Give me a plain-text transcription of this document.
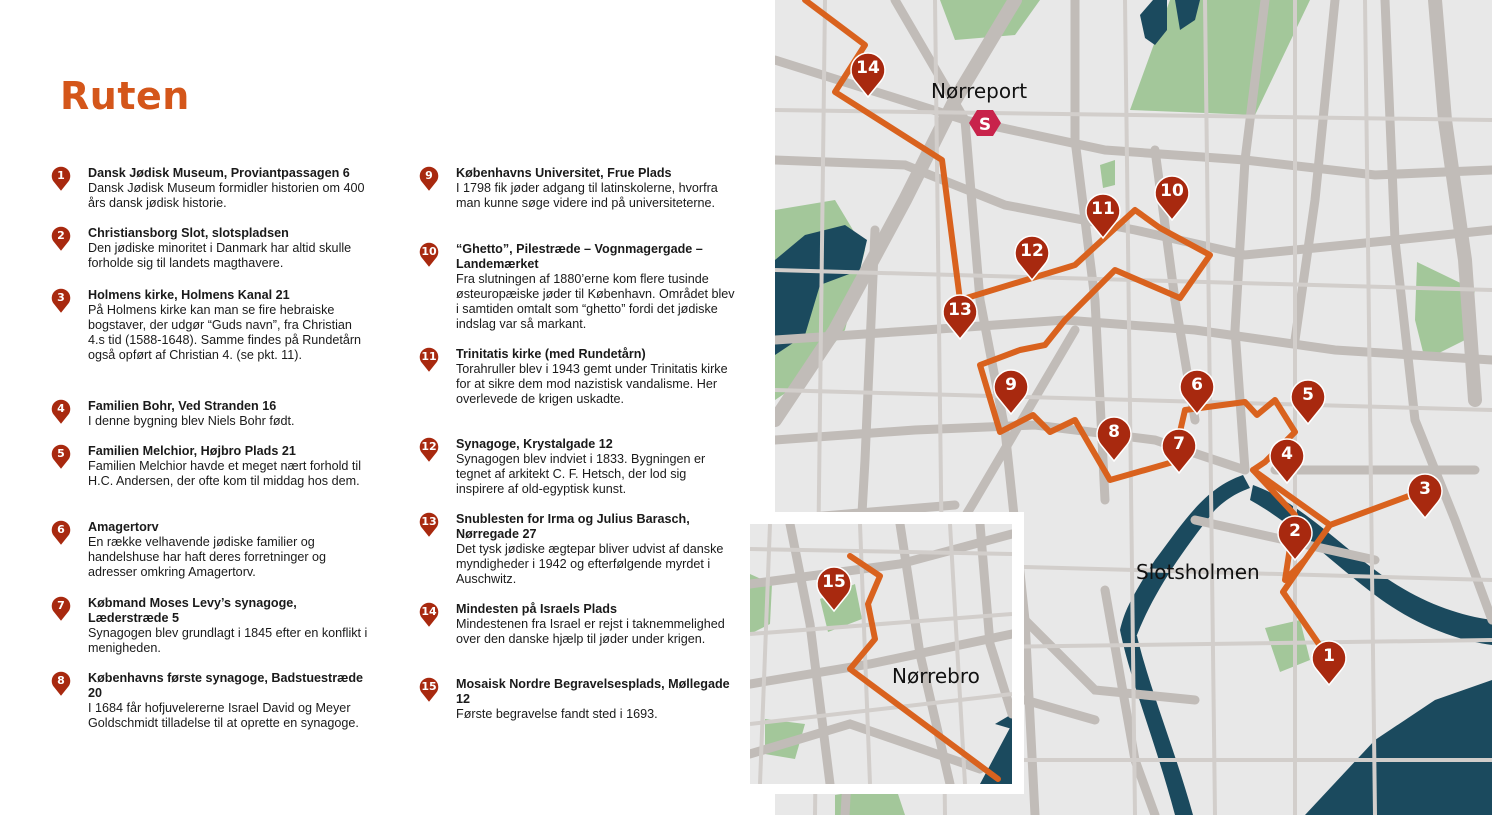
Ruten
1	Dansk Jødisk Museum, Proviantpassagen 6
Dansk Jødisk Museum formidler historien om 400 års dansk jødisk historie.
2	Christiansborg Slot, slotspladsen
Den jødiske minoritet i Danmark har altid skulle forholde sig til landets magthavere.
3	Holmens kirke, Holmens Kanal 21
På Holmens kirke kan man se fire hebraiske bogstaver, der udgør “Guds navn”, fra Christian 4.s tid (1588-1648). Samme findes på Rundetårn også opført af Christian 4. (se pkt. 11).
4	Familien Bohr, Ved Stranden 16
I denne bygning blev Niels Bohr født.
5	Familien Melchior, Højbro Plads 21
Familien Melchior havde et meget nært forhold til H.C. Andersen, der ofte kom til middag hos dem.
6	Amagertorv
En række velhavende jødiske familier og handelshuse har haft deres forretninger og adresser omkring Amagertorv.
7	Købmand Moses Levy’s synagoge, Læderstræde 5
Synagogen blev grundlagt i 1845 efter en konflikt i menigheden.
8	Københavns første synagoge, Badstuestræde 20
I 1684 får hofjuvelererne Israel David og Meyer Goldschmidt tilladelse til at oprette en synagoge.
9	Københavns Universitet, Frue Plads
I 1798 fik jøder adgang til latinskolerne, hvorfra man kunne søge videre ind på universiteterne.
10 “Ghetto”, Pilestræde – Vognmagergade – Landemærket
Fra slutningen af 1880’erne kom flere tusinde østeuropæiske jøder til København. Området blev i samtiden omtalt som “ghetto” fordi det jødiske indslag var så markant.
11 Trinitatis kirke (med Rundetårn)
Torahruller blev i 1943 gemt under Trinitatis kirke for at sikre dem mod nazistisk vandalisme. Her overlevede de krigen uskadte.
12 Synagoge, Krystalgade 12
Synagogen blev indviet i 1833. Bygningen er tegnet af arkitekt C. F. Hetsch, der lod sig inspirere af old-egyptisk kunst.
13 Snublesten for Irma og Julius Barasch, Nørregade 27
Det tysk jødiske ægtepar bliver udvist af danske myndigheder i 1942 og efterfølgende myrdet i Auschwitz.
14 Mindesten på Israels Plads
Mindestenen fra Israel er rejst i taknemmelighed over den danske hjælp til jøder under krigen.
15 Mosaisk Nordre Begravelsesplads, Møllegade 12
Første begravelse fandt sted i 1693.
Nørreport
Slotsholmen
S
1
2
3
4
5
6
7
8
9
10
11
12
13
14
Nørrebro
15
